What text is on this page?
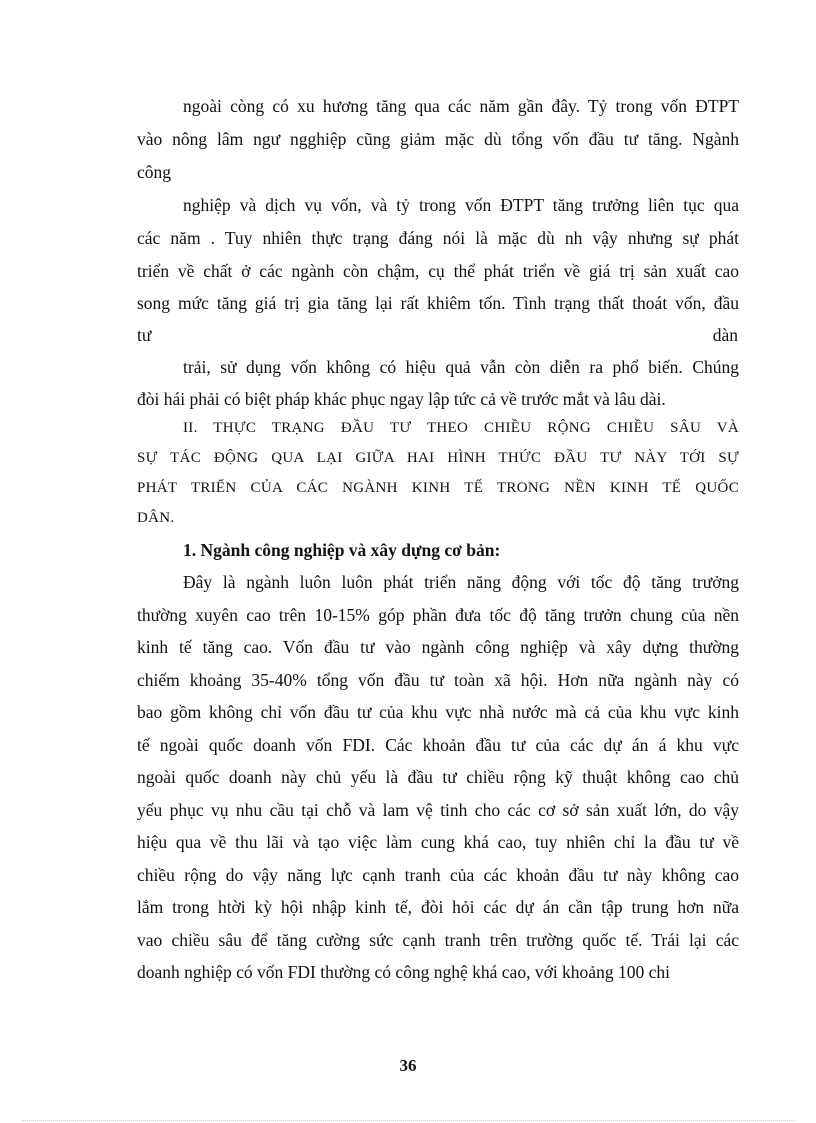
ngoài còng có xu hương tăng qua các năm gần đây. Tỷ trong vốn ĐTPT
vào nông lâm ngư ngghiệp cũng giảm mặc dù tổng vốn đầu tư tăng. Ngành
công
nghiệp và dịch vụ vốn, và tỷ trong vốn ĐTPT tăng trưởng liên tục qua
các năm . Tuy nhiên thực trạng đáng nói là mặc dù nh vậy nhưng sự phát
triển về chất ở các ngành còn chậm, cụ thể phát triển về giá trị sản xuất cao
song mức tăng giá trị gia tăng lại rất khiêm tốn. Tình trạng thất thoát vốn, đầu
tư	dàn
trải, sử dụng vốn không có hiệu quả vẫn còn diễn ra phổ biến. Chúng
đòi hái phải có biệt pháp khác phục ngay lập tức cả về trước mắt và lâu dài.
II. THỰC TRẠNG ĐẦU TƯ THEO CHIỀU RỘNG CHIỀU SÂU VÀ
SỰ TÁC ĐỘNG QUA LẠI GIỮA HAI HÌNH THỨC ĐẦU TƯ NÀY TỚI SỰ
PHÁT TRIỂN CỦA CÁC NGÀNH KINH TẾ TRONG NỀN KINH TẾ QUỐC
DÂN.
1. Ngành công nghiệp và xây dựng cơ bản:
Đây là ngành luôn luôn phát triển năng động với tốc độ tăng trưởng
thường xuyên cao trên 10-15% góp phần đưa tốc độ tăng trưởn chung của nền
kinh tế tăng cao. Vốn đầu tư vào ngành công nghiệp và xây dựng thường
chiếm khoảng 35-40% tổng vốn đầu tư toàn xã hội. Hơn nữa ngành này có
bao gồm không chỉ vốn đầu tư của khu vực nhà nước mà cả của khu vực kinh
tế ngoài quốc doanh vốn FDI. Các khoản đầu tư của các dự án á khu vực
ngoài quốc doanh này chủ yếu là đầu tư chiều rộng kỹ thuật không cao chủ
yếu phục vụ nhu cầu tại chỗ và lam vệ tinh cho các cơ sở sản xuất lớn, do vậy
hiệu qua về thu lãi và tạo việc làm cung khá cao, tuy nhiên chỉ la đầu tư về
chiều rộng do vậy năng lực cạnh tranh của các khoản đầu tư này không cao
lắm trong htời kỳ hội nhập kinh tế, đòi hỏi các dự án cần tập trung hơn nữa
vao chiều sâu để tăng cường sức cạnh tranh trên trường quốc tế. Trái lại các
doanh nghiệp có vốn FDI thường có công nghệ khá cao, với khoảng 100 chi
36
